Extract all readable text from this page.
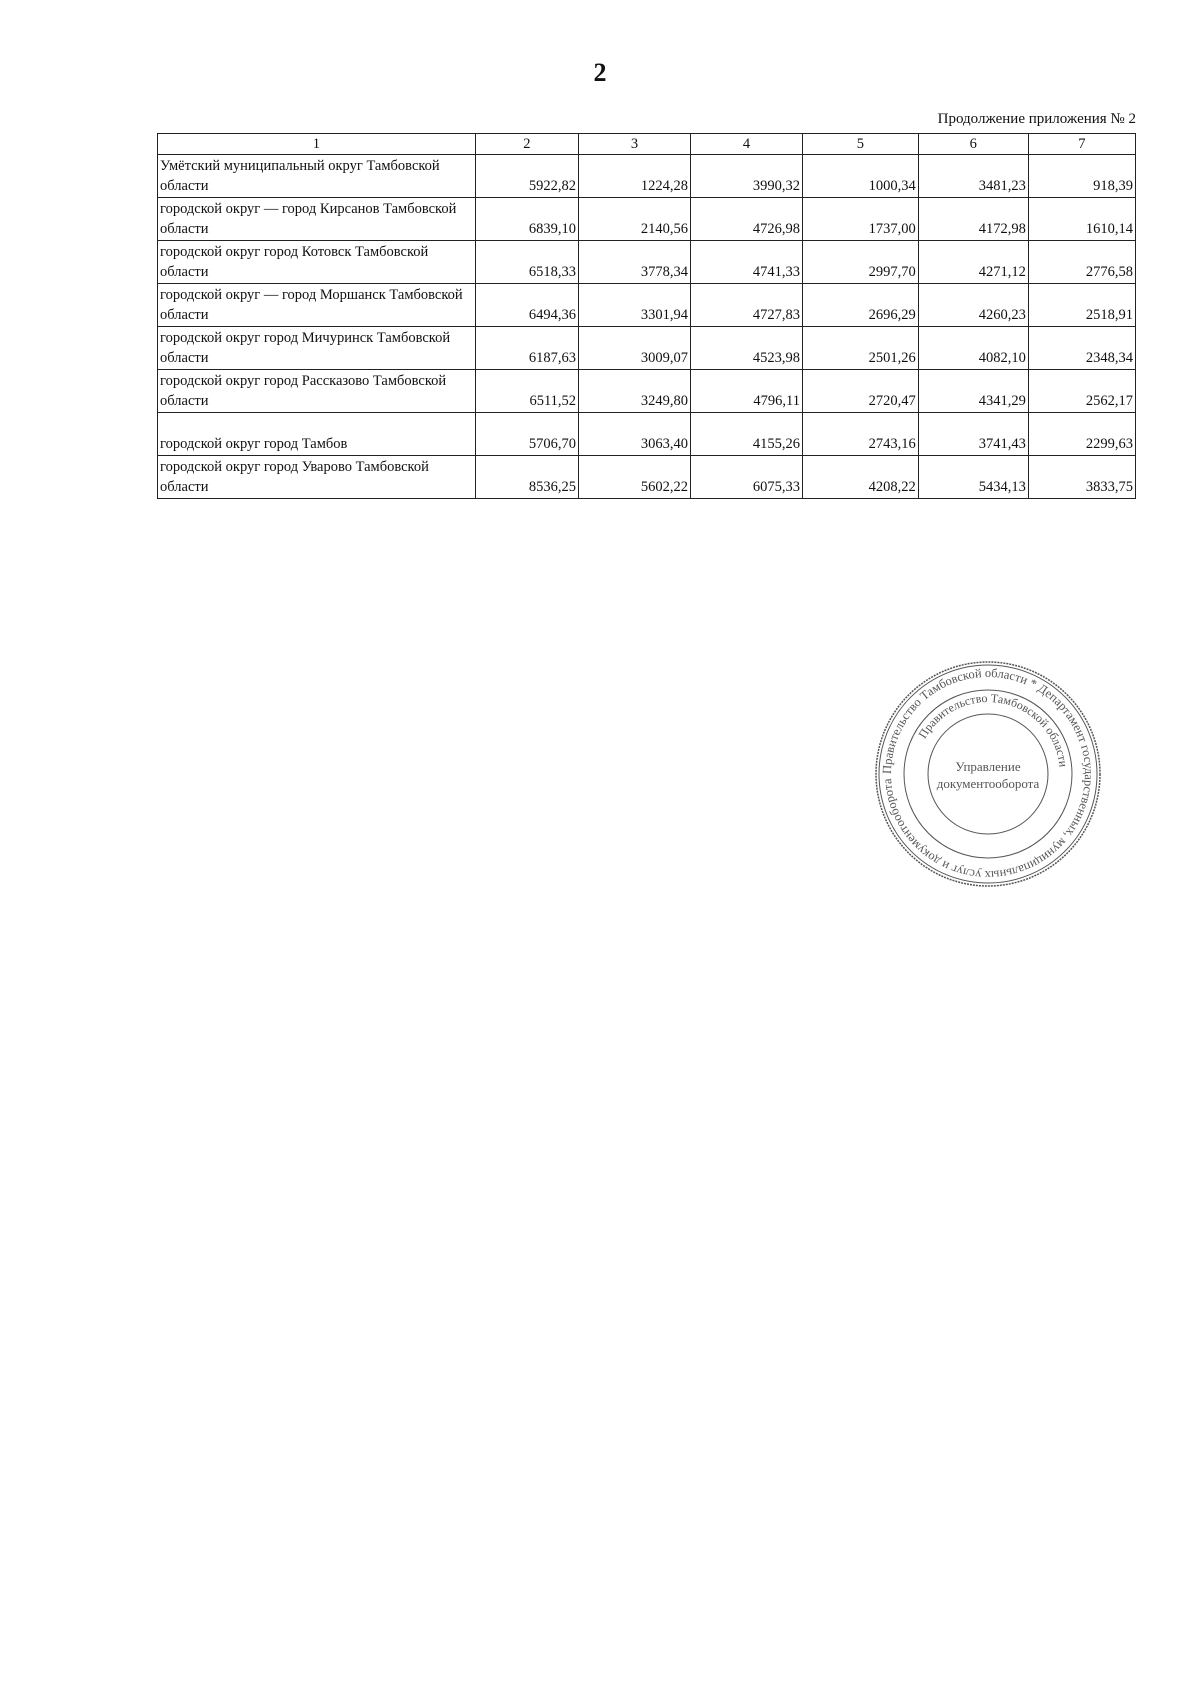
2
Продолжение приложения № 2
1	2	3	4	5	6	7
Умётский муниципальный округ Тамбовской области	5922,82	1224,28	3990,32	1000,34	3481,23	918,39
городской округ — город Кирсанов Тамбовской области	6839,10	2140,56	4726,98	1737,00	4172,98	1610,14
городской округ город Котовск Тамбовской области	6518,33	3778,34	4741,33	2997,70	4271,12	2776,58
городской округ — город Моршанск Тамбовской области	6494,36	3301,94	4727,83	2696,29	4260,23	2518,91
городской округ город Мичуринск Тамбовской области	6187,63	3009,07	4523,98	2501,26	4082,10	2348,34
городской округ город Рассказово Тамбовской области	6511,52	3249,80	4796,11	2720,47	4341,29	2562,17
городской округ город Тамбов	5706,70	3063,40	4155,26	2743,16	3741,43	2299,63
городской округ город Уварово Тамбовской области	8536,25	5602,22	6075,33	4208,22	5434,13	3833,75
Правительство Тамбовской области * Департамент государственных, муниципальных услуг и документооборота
Правительство Тамбовской области
Управление
документооборота
